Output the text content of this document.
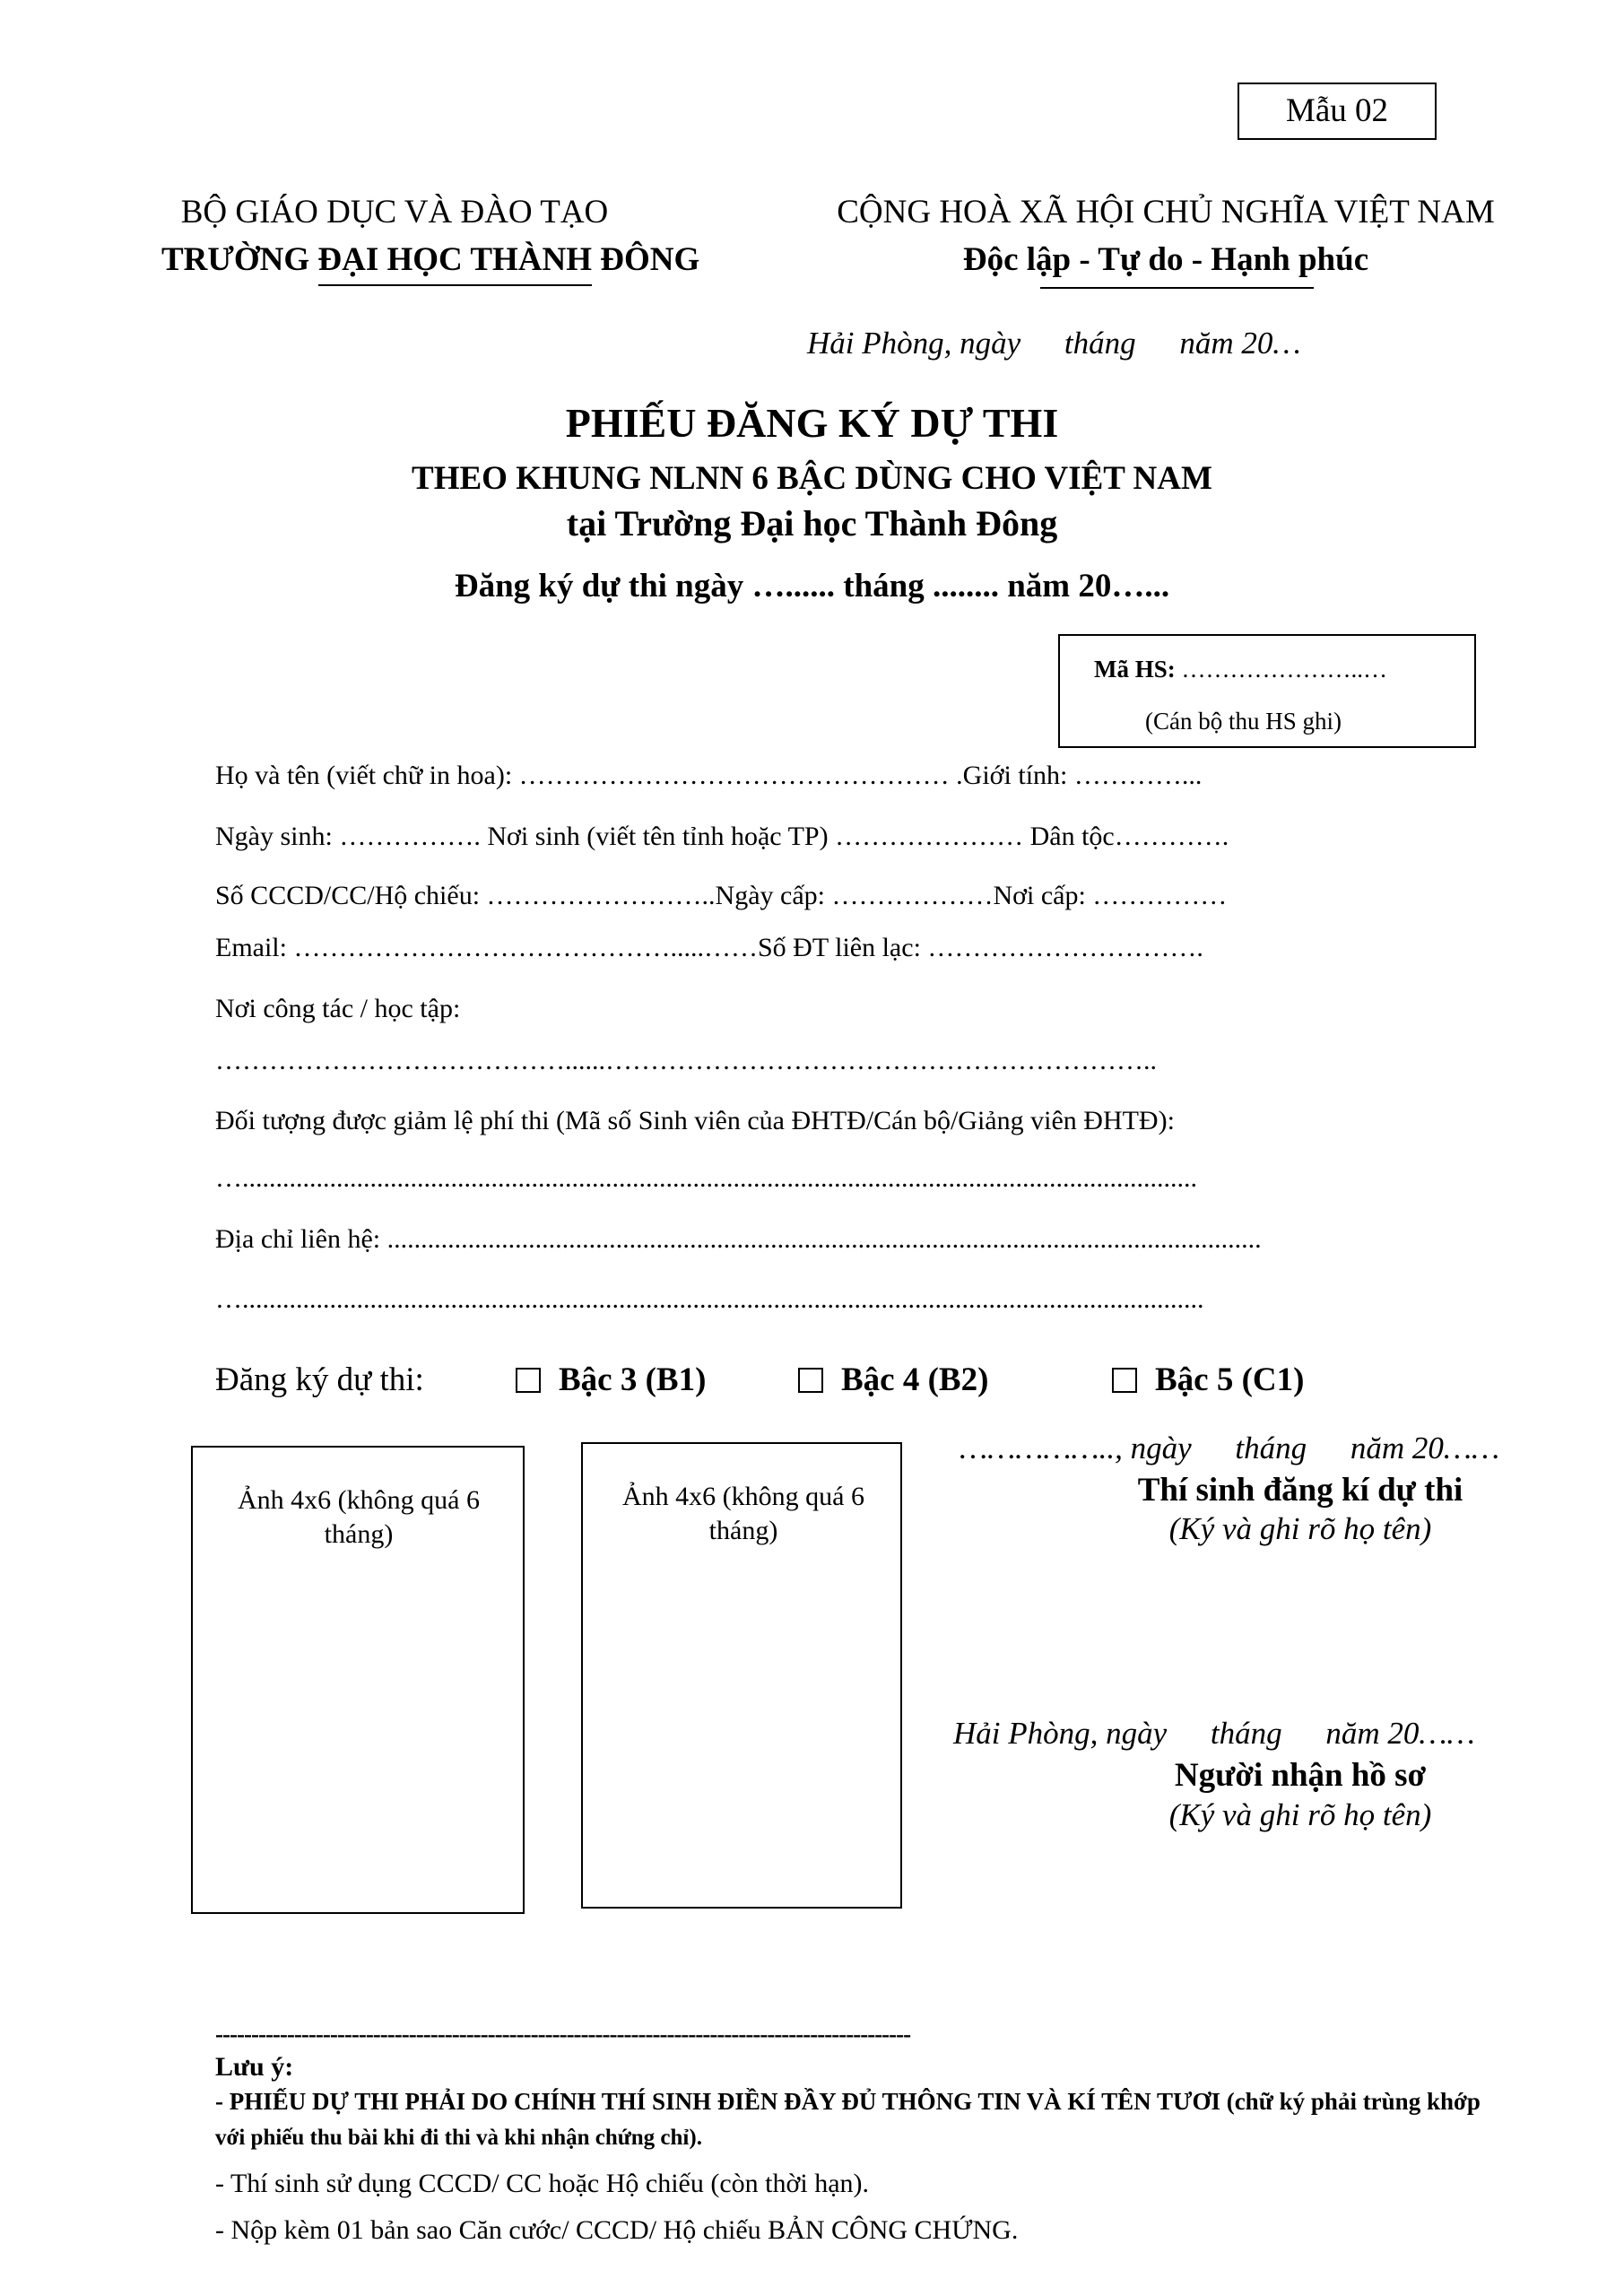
Mẫu 02
BỘ GIÁO DỤC VÀ ĐÀO TẠO
TRƯỜNG ĐẠI HỌC THÀNH ĐÔNG
CỘNG HOÀ XÃ HỘI CHỦ NGHĨA VIỆT NAM
Độc lập - Tự do - Hạnh phúc
Hải Phòng, ngày tháng năm 20…
PHIẾU ĐĂNG KÝ DỰ THI
THEO KHUNG NLNN 6 BẬC DÙNG CHO VIỆT NAM
tại Trường Đại học Thành Đông
Đăng ký dự thi ngày …...... tháng ........ năm 20…...
Mã HS: …………………..…
(Cán bộ thu HS ghi)
Họ và tên (viết chữ in hoa): ………………………………………… .Giới tính: …………...
Ngày sinh: ……………. Nơi sinh (viết tên tỉnh hoặc TP) ………………… Dân tộc………….
Số CCCD/CC/Hộ chiếu: ……………………..Ngày cấp: ………………Nơi cấp: ……………
Email: …………………………………….....……Số ĐT liên lạc: ………………………….
Nơi công tác / học tập:
…………………………………......……………………………………………………..
Đối tượng được giảm lệ phí thi (Mã số Sinh viên của ĐHTĐ/Cán bộ/Giảng viên ĐHTĐ):
…..............................................................................................................................................
Địa chỉ liên hệ: ..................................................................................................................................
…...............................................................................................................................................
Đăng ký dự thi:	Bậc 3 (B1)	Bậc 4 (B2)	Bậc 5 (C1)
Ảnh 4x6 (không quá 6 tháng)
Ảnh 4x6 (không quá 6 tháng)
…………….., ngày tháng năm 20……
Thí sinh đăng kí dự thi
(Ký và ghi rõ họ tên)
Hải Phòng, ngày tháng năm 20……
Người nhận hồ sơ
(Ký và ghi rõ họ tên)
-------------------------------------------------------------------------------------------------
Lưu ý:
- PHIẾU DỰ THI PHẢI DO CHÍNH THÍ SINH ĐIỀN ĐẦY ĐỦ THÔNG TIN VÀ KÍ TÊN TƯƠI (chữ ký phải trùng khớp
với phiếu thu bài khi đi thi và khi nhận chứng chỉ).
- Thí sinh sử dụng CCCD/ CC hoặc Hộ chiếu (còn thời hạn).
- Nộp kèm 01 bản sao Căn cước/ CCCD/ Hộ chiếu BẢN CÔNG CHỨNG.
